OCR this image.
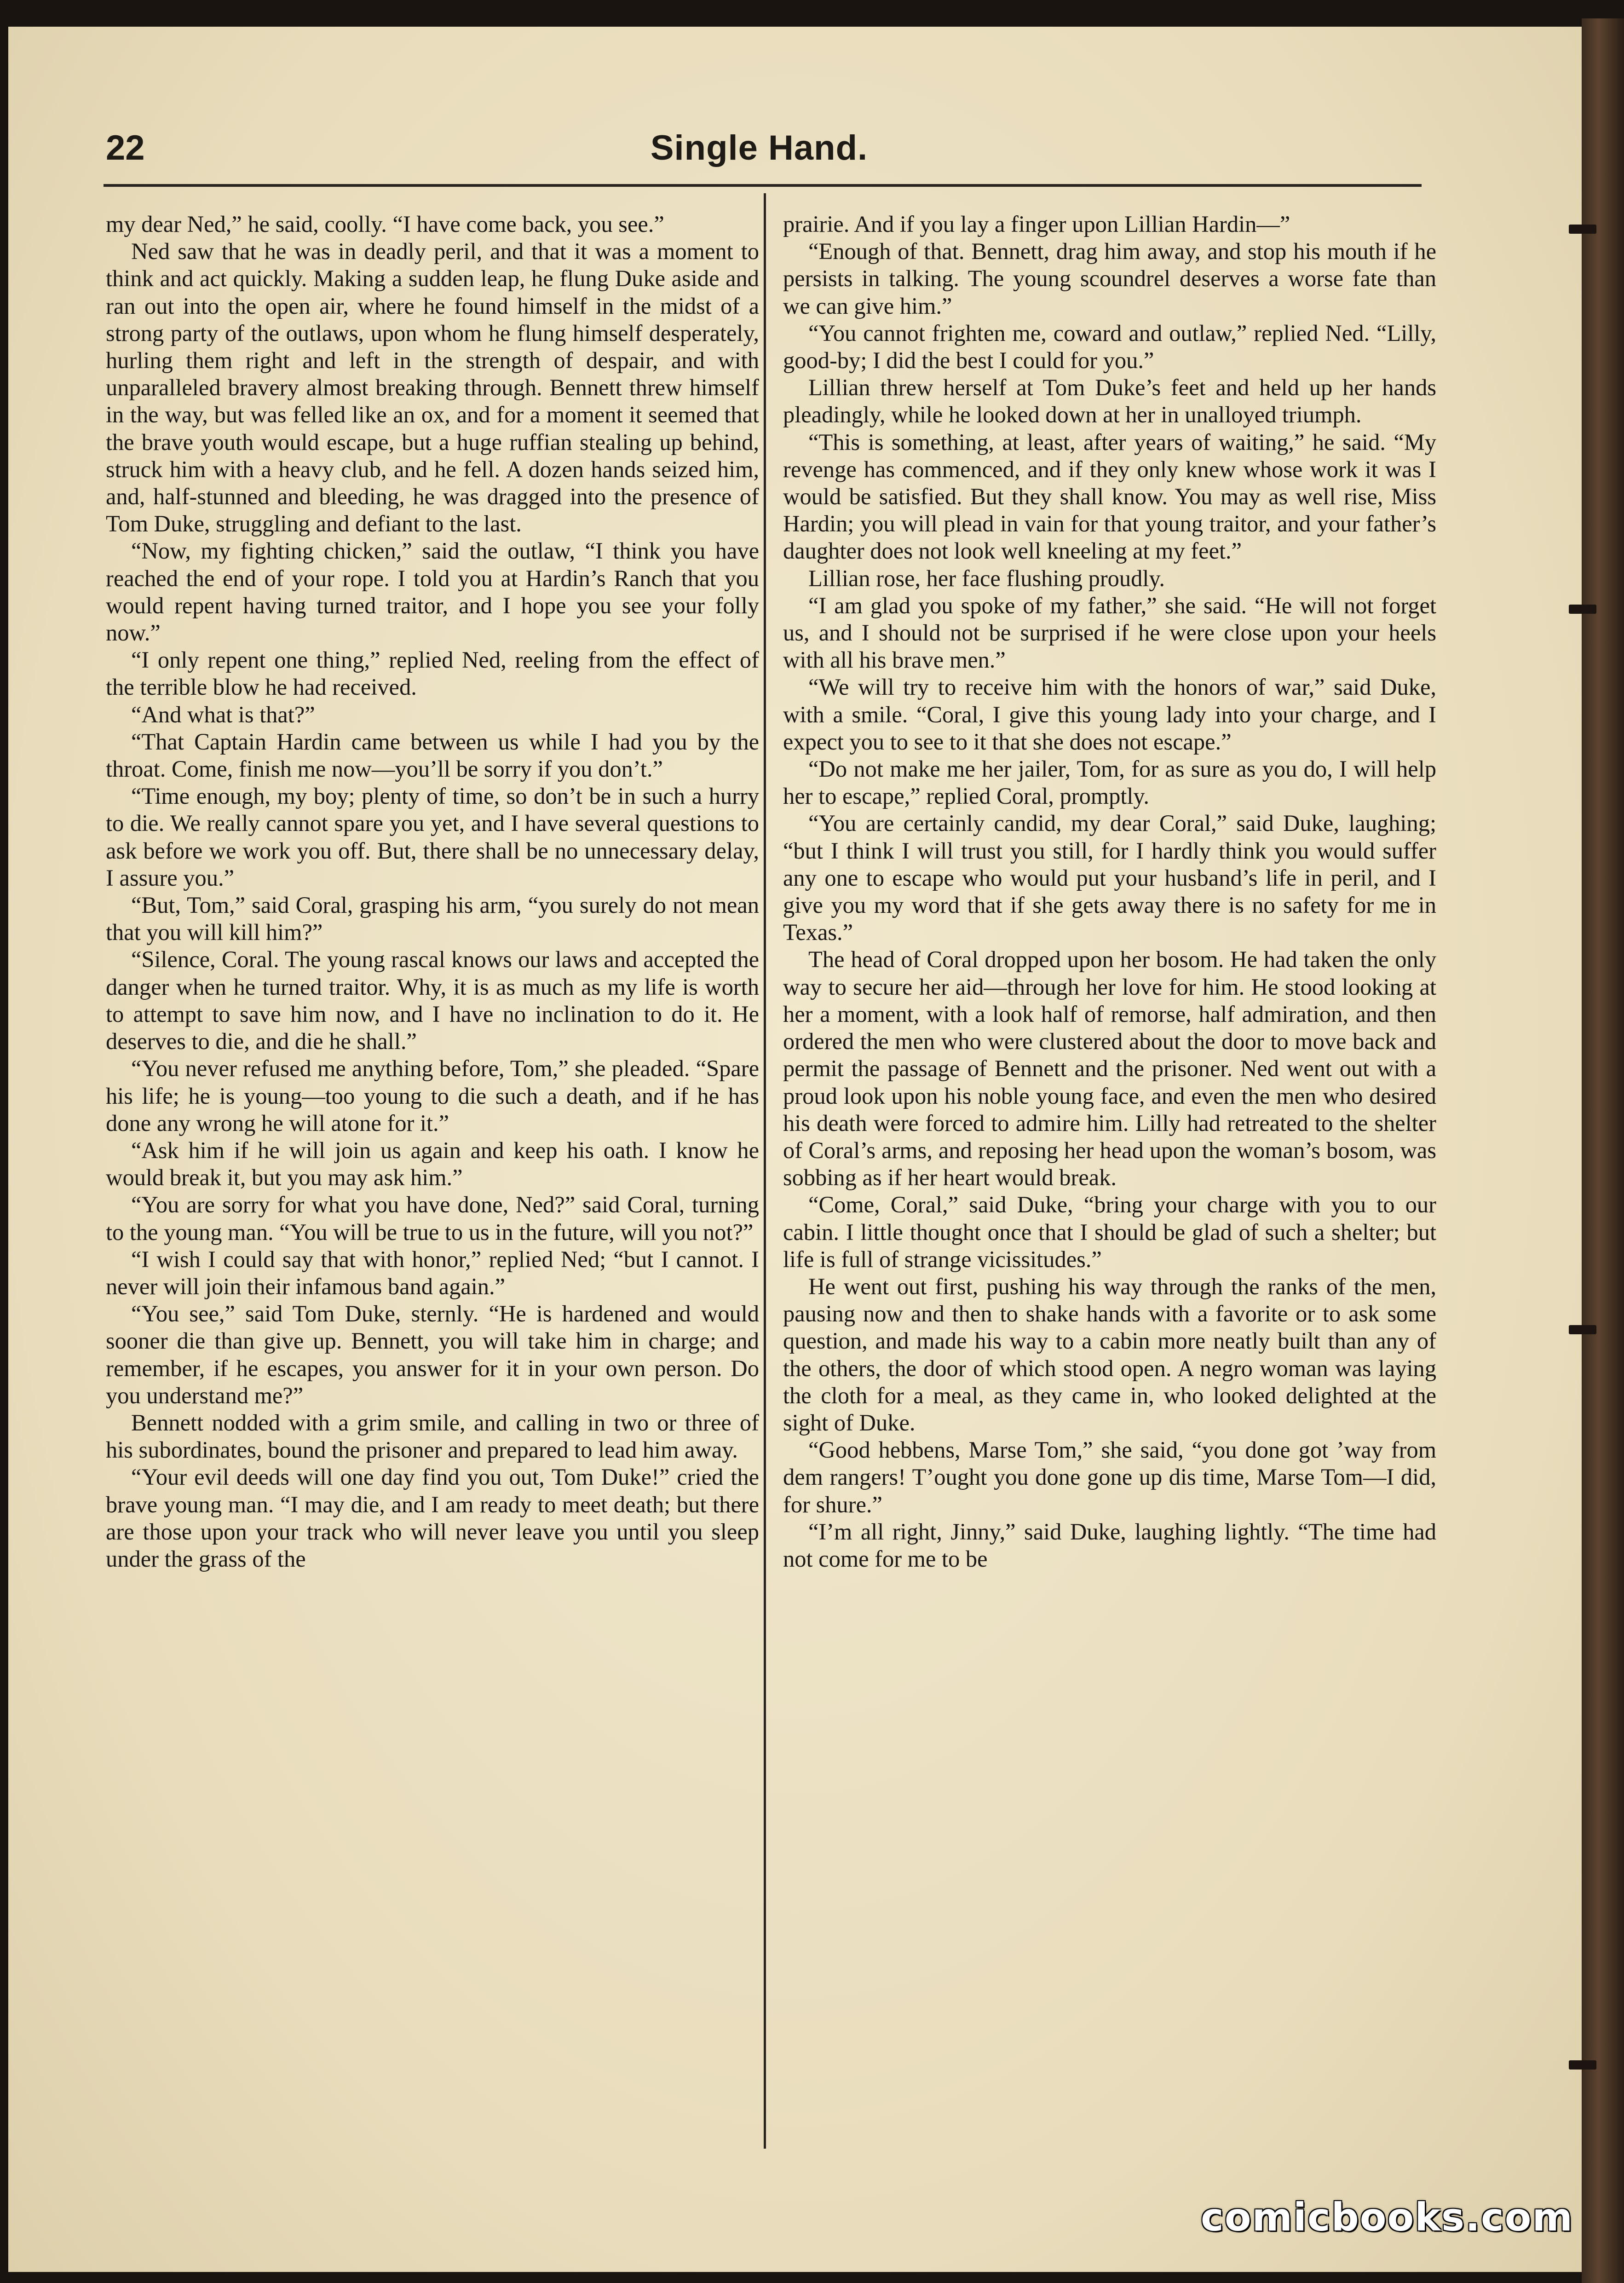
22	Single Hand.

my dear Ned,” he said, coolly. “I have come back, you see.”

Ned saw that he was in deadly peril, and that it was a moment to think and act quickly. Making a sudden leap, he flung Duke aside and ran out into the open air, where he found himself in the midst of a strong party of the outlaws, upon whom he flung himself desperately, hurling them right and left in the strength of despair, and with unparalleled bravery almost breaking through. Bennett threw himself in the way, but was felled like an ox, and for a moment it seemed that the brave youth would escape, but a huge ruffian stealing up behind, struck him with a heavy club, and he fell. A dozen hands seized him, and, half-stunned and bleeding, he was dragged into the presence of Tom Duke, struggling and defiant to the last.

“Now, my fighting chicken,” said the outlaw, “I think you have reached the end of your rope. I told you at Hardin’s Ranch that you would repent having turned traitor, and I hope you see your folly now.”

“I only repent one thing,” replied Ned, reeling from the effect of the terrible blow he had received.

“And what is that?”

“That Captain Hardin came between us while I had you by the throat. Come, finish me now—you’ll be sorry if you don’t.”

“Time enough, my boy; plenty of time, so don’t be in such a hurry to die. We really cannot spare you yet, and I have several questions to ask before we work you off. But, there shall be no unnecessary delay, I assure you.”

“But, Tom,” said Coral, grasping his arm, “you surely do not mean that you will kill him?”

“Silence, Coral. The young rascal knows our laws and accepted the danger when he turned traitor. Why, it is as much as my life is worth to attempt to save him now, and I have no inclination to do it. He deserves to die, and die he shall.”

“You never refused me anything before, Tom,” she pleaded. “Spare his life; he is young—too young to die such a death, and if he has done any wrong he will atone for it.”

“Ask him if he will join us again and keep his oath. I know he would break it, but you may ask him.”

“You are sorry for what you have done, Ned?” said Coral, turning to the young man. “You will be true to us in the future, will you not?”

“I wish I could say that with honor,” replied Ned; “but I cannot. I never will join their infamous band again.”

“You see,” said Tom Duke, sternly. “He is hardened and would sooner die than give up. Bennett, you will take him in charge; and remember, if he escapes, you answer for it in your own person. Do you understand me?”

Bennett nodded with a grim smile, and calling in two or three of his subordinates, bound the prisoner and prepared to lead him away.

“Your evil deeds will one day find you out, Tom Duke!” cried the brave young man. “I may die, and I am ready to meet death; but there are those upon your track who will never leave you until you sleep under the grass of the

prairie. And if you lay a finger upon Lillian Hardin—”

“Enough of that. Bennett, drag him away, and stop his mouth if he persists in talking. The young scoundrel deserves a worse fate than we can give him.”

“You cannot frighten me, coward and outlaw,” replied Ned. “Lilly, good-by; I did the best I could for you.”

Lillian threw herself at Tom Duke’s feet and held up her hands pleadingly, while he looked down at her in unalloyed triumph.

“This is something, at least, after years of waiting,” he said. “My revenge has commenced, and if they only knew whose work it was I would be satisfied. But they shall know. You may as well rise, Miss Hardin; you will plead in vain for that young traitor, and your father’s daughter does not look well kneeling at my feet.”

Lillian rose, her face flushing proudly.

“I am glad you spoke of my father,” she said. “He will not forget us, and I should not be surprised if he were close upon your heels with all his brave men.”

“We will try to receive him with the honors of war,” said Duke, with a smile. “Coral, I give this young lady into your charge, and I expect you to see to it that she does not escape.”

“Do not make me her jailer, Tom, for as sure as you do, I will help her to escape,” replied Coral, promptly.

“You are certainly candid, my dear Coral,” said Duke, laughing; “but I think I will trust you still, for I hardly think you would suffer any one to escape who would put your husband’s life in peril, and I give you my word that if she gets away there is no safety for me in Texas.”

The head of Coral dropped upon her bosom. He had taken the only way to secure her aid—through her love for him. He stood looking at her a moment, with a look half of remorse, half admiration, and then ordered the men who were clustered about the door to move back and permit the passage of Bennett and the prisoner. Ned went out with a proud look upon his noble young face, and even the men who desired his death were forced to admire him. Lilly had retreated to the shelter of Coral’s arms, and reposing her head upon the woman’s bosom, was sobbing as if her heart would break.

“Come, Coral,” said Duke, “bring your charge with you to our cabin. I little thought once that I should be glad of such a shelter; but life is full of strange vicissitudes.”

He went out first, pushing his way through the ranks of the men, pausing now and then to shake hands with a favorite or to ask some question, and made his way to a cabin more neatly built than any of the others, the door of which stood open. A negro woman was laying the cloth for a meal, as they came in, who looked delighted at the sight of Duke.

“Good hebbens, Marse Tom,” she said, “you done got ’way from dem rangers! T’ought you done gone up dis time, Marse Tom—I did, for shure.”

“I’m all right, Jinny,” said Duke, laughing lightly. “The time had not come for me to be

comicbooks.com
